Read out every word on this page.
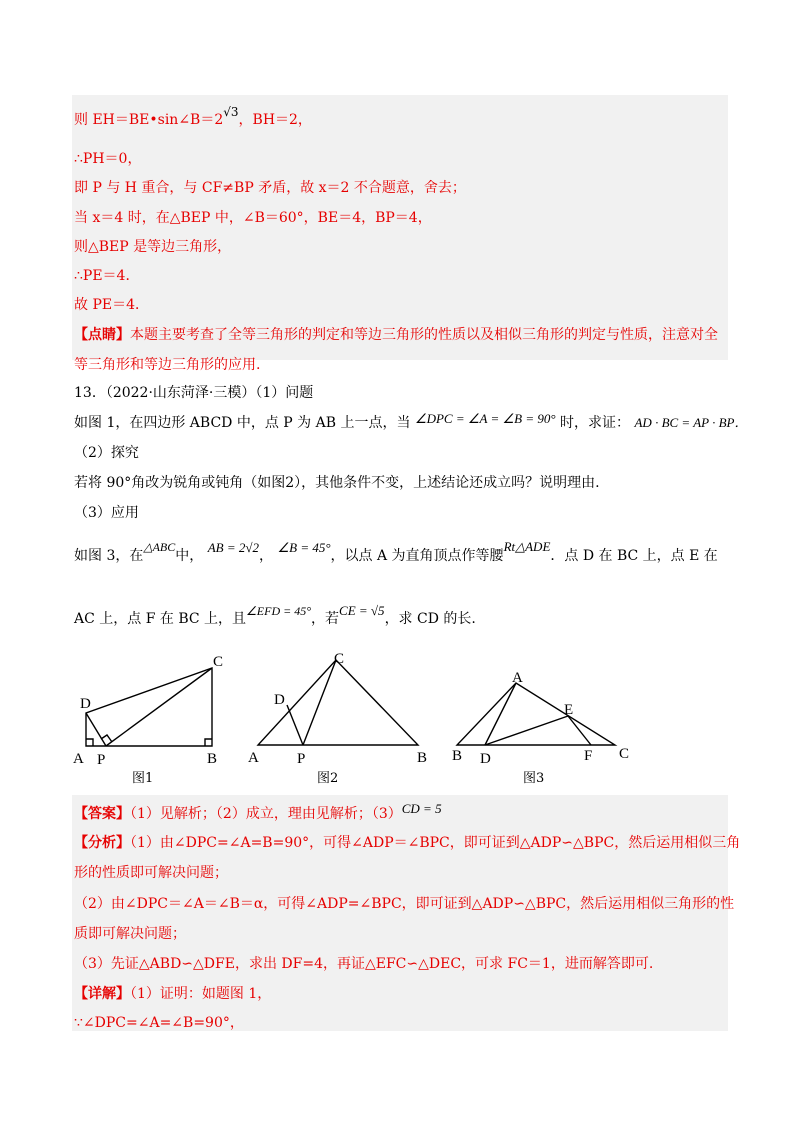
则 EH＝BE•sin∠B＝2√3，BH＝2，
∴PH＝0，
即 P 与 H 重合，与 CF≠BP 矛盾，故 x＝2 不合题意，舍去；
当 x＝4 时，在△BEP 中，∠B＝60°，BE＝4，BP＝4，
则△BEP 是等边三角形，
∴PE＝4．
故 PE＝4．
【点睛】本题主要考查了全等三角形的判定和等边三角形的性质以及相似三角形的判定与性质，注意对全
等三角形和等边三角形的应用.
13．（2022·山东菏泽·三模）（1）问题
如图 1，在四边形 ABCD 中，点 P 为 AB 上一点，当 ∠DPC = ∠A = ∠B = 90° 时，求证： AD · BC = AP · BP．
（2）探究
若将 90°角改为锐角或钝角（如图2），其他条件不变，上述结论还成立吗？说明理由.
（3）应用
如图 3，在△ABC中， AB = 2√2， ∠B = 45°，以点 A 为直角顶点作等腰Rt△ADE．点 D 在 BC 上，点 E 在
AC 上，点 F 在 BC 上，且∠EFD = 45°，若CE = √5，求 CD 的长.
A	B
C
D
P	A	B
C
D
P
A
B	C
D
E
F
图1	图2	图3
【答案】（1）见解析；（2）成立，理由见解析；（3）CD = 5
【分析】（1）由∠DPC=∠A=B=90°，可得∠ADP＝∠BPC，即可证到△ADP∽△BPC，然后运用相似三角
形的性质即可解决问题；
（2）由∠DPC＝∠A＝∠B＝α，可得∠ADP=∠BPC，即可证到△ADP∽△BPC，然后运用相似三角形的性
质即可解决问题；
（3）先证△ABD∽△DFE，求出 DF=4，再证△EFC∽△DEC，可求 FC＝1，进而解答即可.
【详解】（1）证明：如题图 1，
∵∠DPC=∠A=∠B=90°，
